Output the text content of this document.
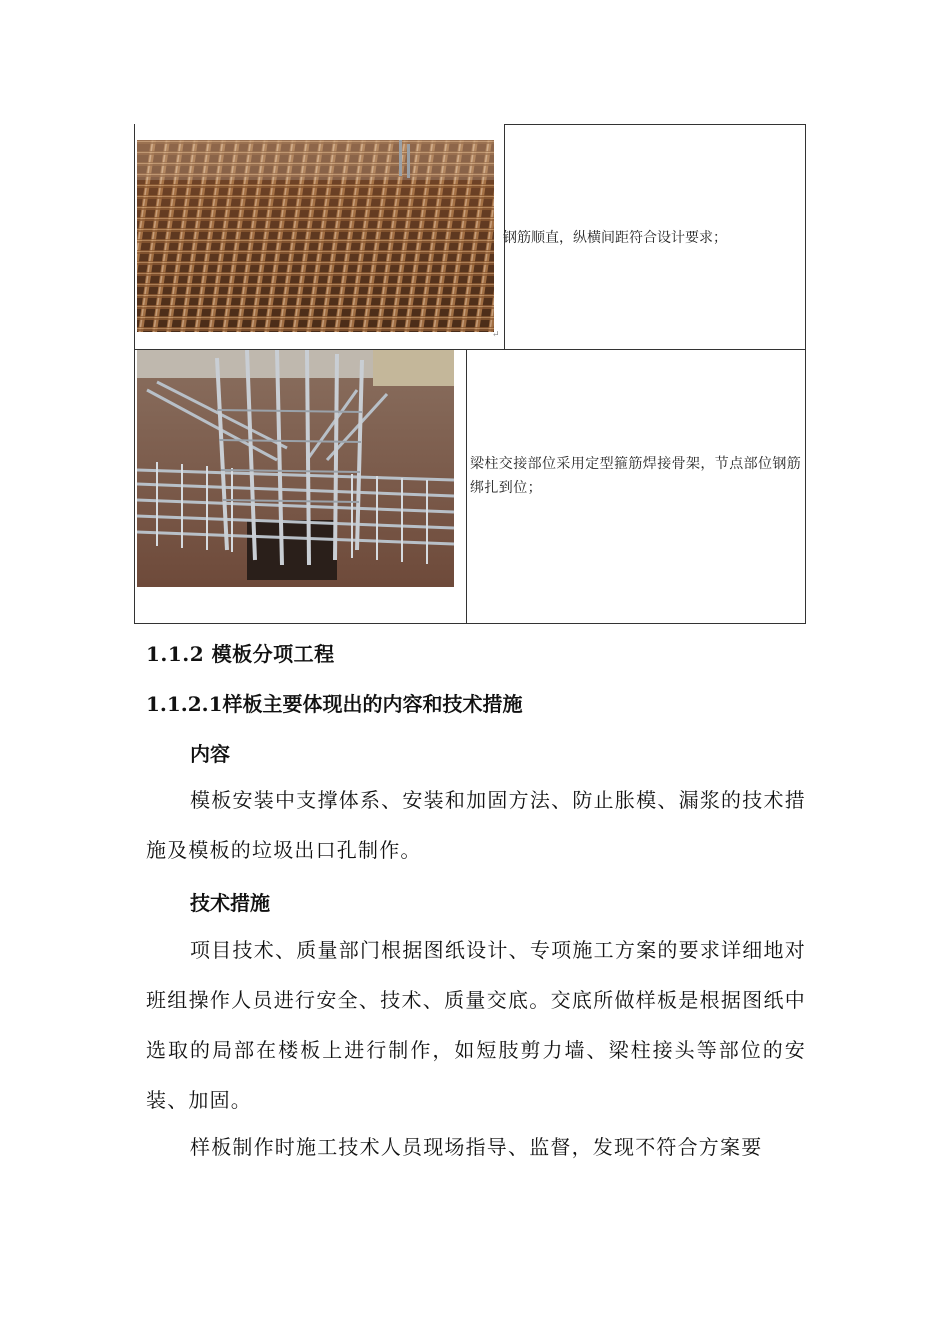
↵
钢筋顺直，纵横间距符合设计要求；
梁柱交接部位采用定型箍筋焊接骨架，节点部位钢筋绑扎到位；
1.1.2 模板分项工程
1.1.2.1样板主要体现出的内容和技术措施
内容
模板安装中支撑体系、安装和加固方法、防止胀模、漏浆的技术措施及模板的垃圾出口孔制作。
技术措施
项目技术、质量部门根据图纸设计、专项施工方案的要求详细地对班组操作人员进行安全、技术、质量交底。交底所做样板是根据图纸中选取的局部在楼板上进行制作，如短肢剪力墙、梁柱接头等部位的安装、加固。
样板制作时施工技术人员现场指导、监督，发现不符合方案要
